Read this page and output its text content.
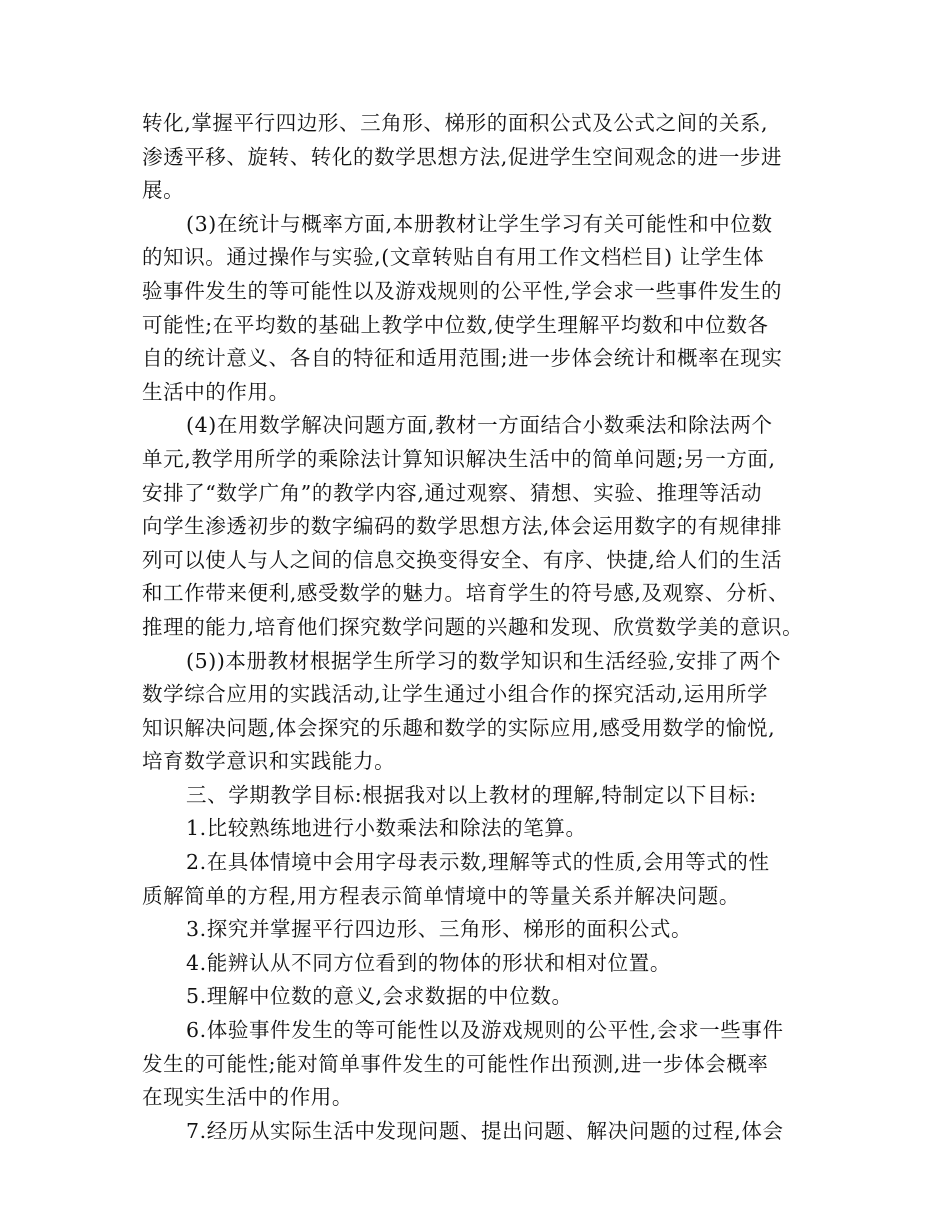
转化,掌握平行四边形、三角形、梯形的面积公式及公式之间的关系,
渗透平移、旋转、转化的数学思想方法,促进学生空间观念的进一步进
展。

(3)在统计与概率方面,本册教材让学生学习有关可能性和中位数
的知识。通过操作与实验,(文章转贴自有用工作文档栏目) 让学生体
验事件发生的等可能性以及游戏规则的公平性,学会求一些事件发生的
可能性;在平均数的基础上教学中位数,使学生理解平均数和中位数各
自的统计意义、各自的特征和适用范围;进一步体会统计和概率在现实
生活中的作用。

(4)在用数学解决问题方面,教材一方面结合小数乘法和除法两个
单元,教学用所学的乘除法计算知识解决生活中的简单问题;另一方面,
安排了“数学广角”的教学内容,通过观察、猜想、实验、推理等活动
向学生渗透初步的数字编码的数学思想方法,体会运用数字的有规律排
列可以使人与人之间的信息交换变得安全、有序、快捷,给人们的生活
和工作带来便利,感受数学的魅力。培育学生的符号感,及观察、分析、
推理的能力,培育他们探究数学问题的兴趣和发现、欣赏数学美的意识。

(5))本册教材根据学生所学习的数学知识和生活经验,安排了两个
数学综合应用的实践活动,让学生通过小组合作的探究活动,运用所学
知识解决问题,体会探究的乐趣和数学的实际应用,感受用数学的愉悦,
培育数学意识和实践能力。

三、学期教学目标:根据我对以上教材的理解,特制定以下目标:

1.比较熟练地进行小数乘法和除法的笔算。

2.在具体情境中会用字母表示数,理解等式的性质,会用等式的性
质解简单的方程,用方程表示简单情境中的等量关系并解决问题。

3.探究并掌握平行四边形、三角形、梯形的面积公式。

4.能辨认从不同方位看到的物体的形状和相对位置。

5.理解中位数的意义,会求数据的中位数。

6.体验事件发生的等可能性以及游戏规则的公平性,会求一些事件
发生的可能性;能对简单事件发生的可能性作出预测,进一步体会概率
在现实生活中的作用。

7.经历从实际生活中发现问题、提出问题、解决问题的过程,体会
